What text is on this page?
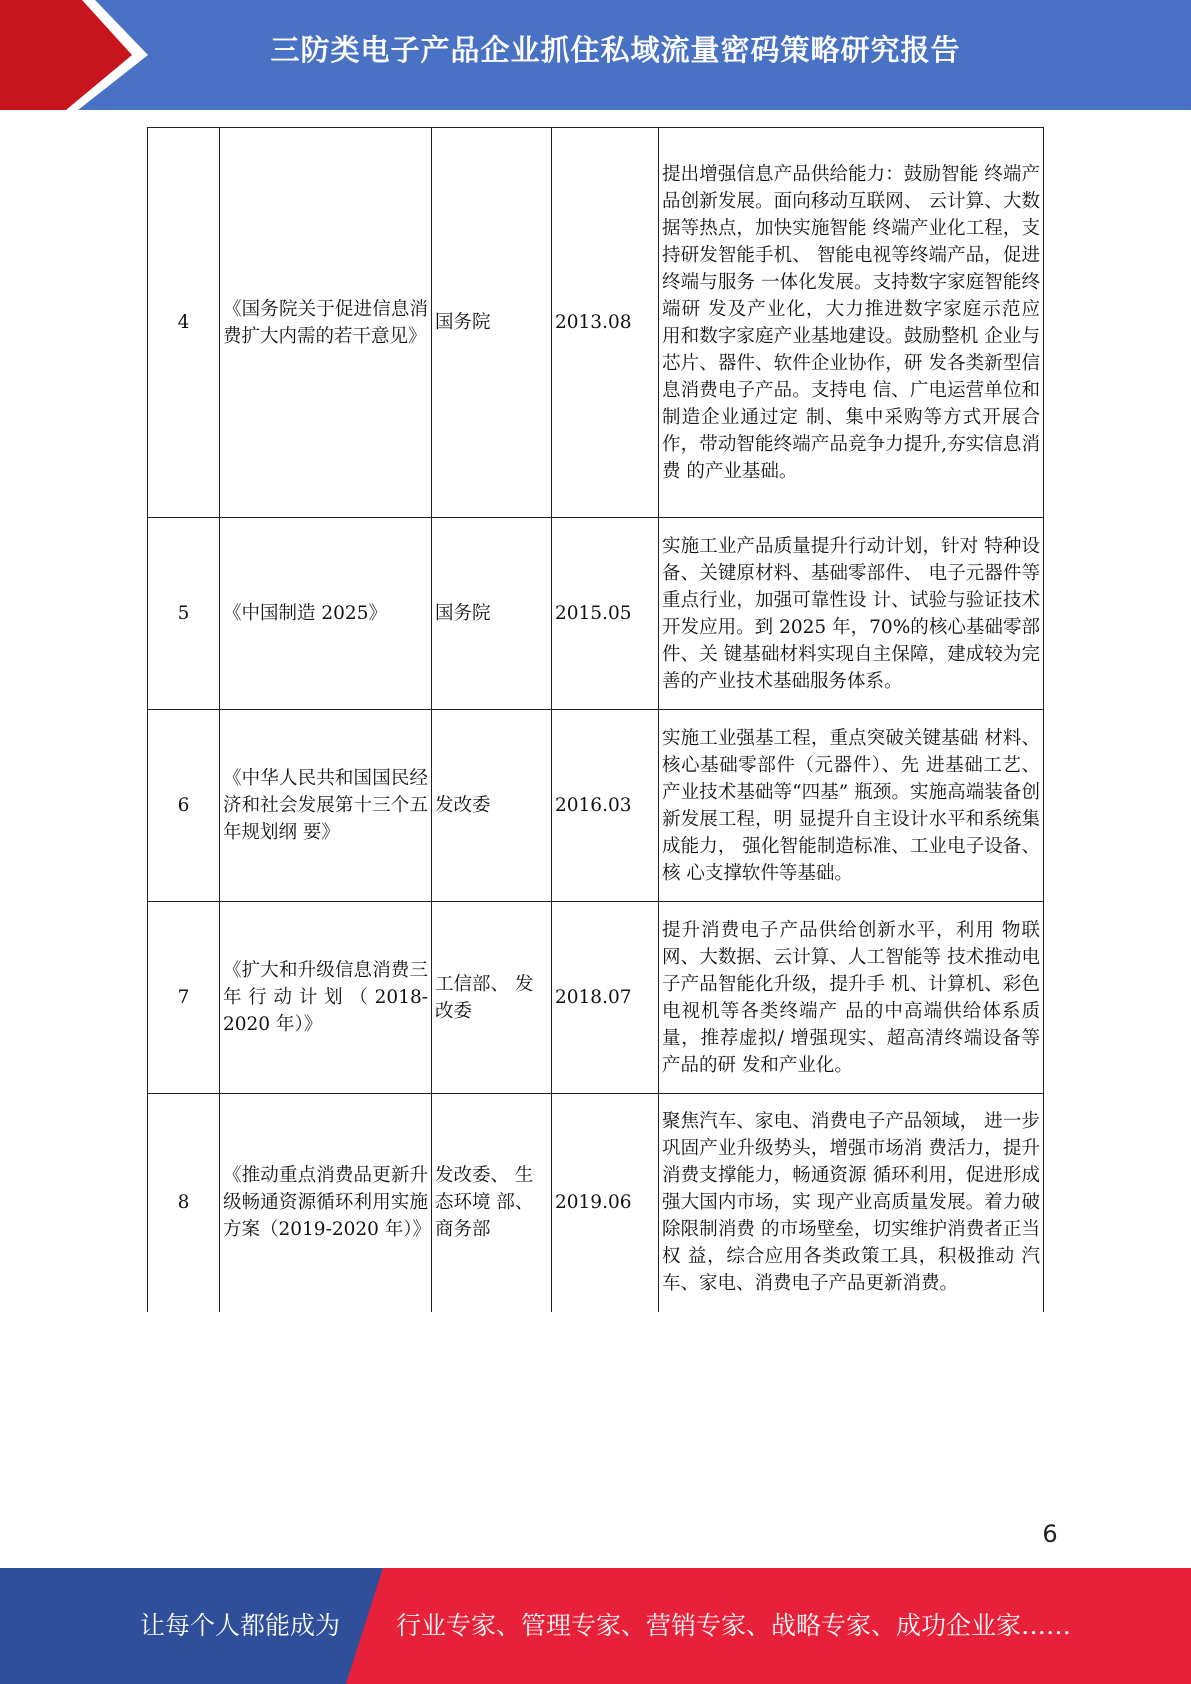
三防类电子产品企业抓住私域流量密码策略研究报告
4	《国务院关于促进信息消费扩大内需的若干意见》	国务院	2013.08	提出增强信息产品供给能力：鼓励智能 终端产品创新发展。面向移动互联网、 云计算、大数据等热点，加快实施智能 终端产业化工程，支持研发智能手机、 智能电视等终端产品，促进终端与服务 一体化发展。支持数字家庭智能终端研 发及产业化，大力推进数字家庭示范应 用和数字家庭产业基地建设。鼓励整机 企业与芯片、器件、软件企业协作，研 发各类新型信息消费电子产品。支持电 信、广电运营单位和制造企业通过定 制、集中采购等方式开展合作，带动智能终端产品竞争力提升,夯实信息消费 的产业基础。
5	《中国制造 2025》	国务院	2015.05	实施工业产品质量提升行动计划，针对 特种设备、关键原材料、基础零部件、 电子元器件等重点行业，加强可靠性设 计、试验与验证技术开发应用。到 2025 年，70%的核心基础零部件、关 键基础材料实现自主保障，建成较为完 善的产业技术基础服务体系。
6	《中华人民共和国国民经济和社会发展第十三个五年规划纲 要》	发改委	2016.03	实施工业强基工程，重点突破关键基础 材料、核心基础零部件（元器件）、先 进基础工艺、产业技术基础等“四基” 瓶颈。实施高端装备创新发展工程，明 显提升自主设计水平和系统集成能力， 强化智能制造标准、工业电子设备、核 心支撑软件等基础。
7	《扩大和升级信息消费三年行动计划（2018-2020 年）》	工信部、 发改委	2018.07	提升消费电子产品供给创新水平，利用 物联网、大数据、云计算、人工智能等 技术推动电子产品智能化升级，提升手 机、计算机、彩色电视机等各类终端产 品的中高端供给体系质量，推荐虚拟/ 增强现实、超高清终端设备等产品的研 发和产业化。
8	《推动重点消费品更新升级畅通资源循环利用实施方案（2019-2020 年）》	发改委、 生态环境 部、商务部	2019.06	聚焦汽车、家电、消费电子产品领域， 进一步巩固产业升级势头，增强市场消 费活力，提升消费支撑能力，畅通资源 循环利用，促进形成强大国内市场，实 现产业高质量发展。着力破除限制消费 的市场壁垒，切实维护消费者正当权 益，综合应用各类政策工具，积极推动 汽车、家电、消费电子产品更新消费。
6
让每个人都能成为 行业专家、管理专家、营销专家、战略专家、成功企业家……
